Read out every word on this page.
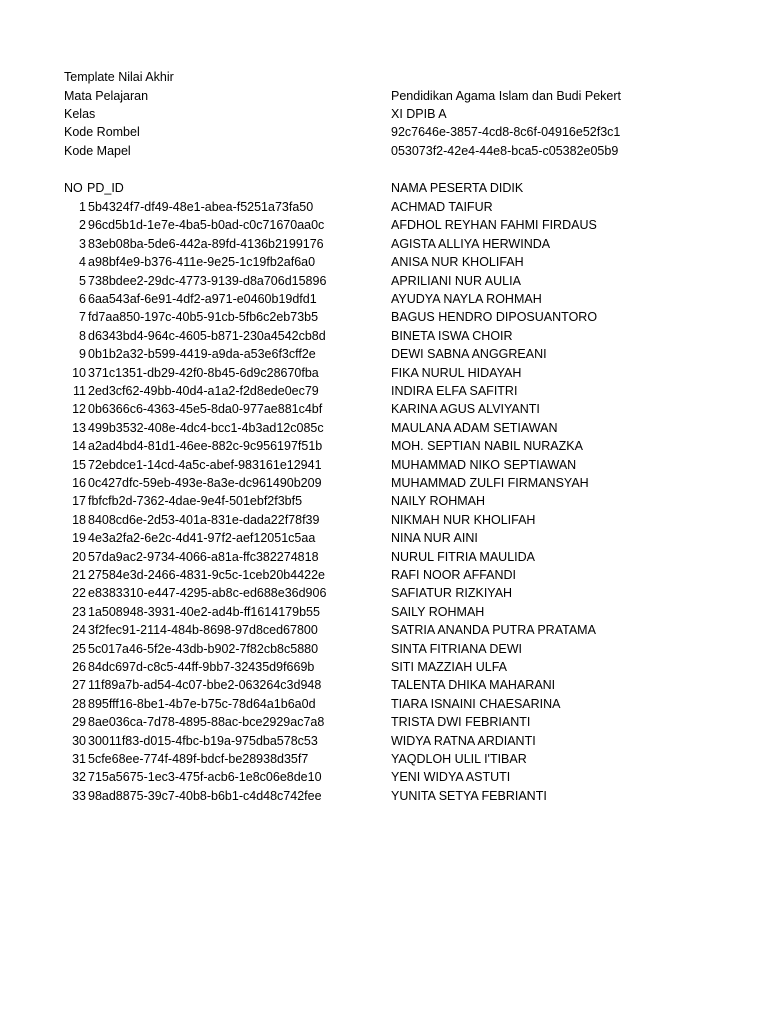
Template Nilai Akhir
Mata Pelajaran	Pendidikan Agama Islam dan Budi Pekert
Kelas	XI DPIB A
Kode Rombel	92c7646e-3857-4cd8-8c6f-04916e52f3c1
Kode Mapel	053073f2-42e4-44e8-bca5-c05382e05b9
NO PD_ID	NAMA PESERTA DIDIK
1 5b4324f7-df49-48e1-abea-f5251a73fa50	ACHMAD TAIFUR
2 96cd5b1d-1e7e-4ba5-b0ad-c0c71670aa0c	AFDHOL REYHAN FAHMI FIRDAUS
3 83eb08ba-5de6-442a-89fd-4136b2199176	AGISTA ALLIYA HERWINDA
4 a98bf4e9-b376-411e-9e25-1c19fb2af6a0	ANISA NUR KHOLIFAH
5 738bdee2-29dc-4773-9139-d8a706d15896	APRILIANI NUR AULIA
6 6aa543af-6e91-4df2-a971-e0460b19dfd1	AYUDYA NAYLA ROHMAH
7 fd7aa850-197c-40b5-91cb-5fb6c2eb73b5	BAGUS HENDRO DIPOSUANTORO
8 d6343bd4-964c-4605-b871-230a4542cb8d	BINETA ISWA CHOIR
9 0b1b2a32-b599-4419-a9da-a53e6f3cff2e	DEWI SABNA ANGGREANI
10 371c1351-db29-42f0-8b45-6d9c28670fba	FIKA NURUL HIDAYAH
11 2ed3cf62-49bb-40d4-a1a2-f2d8ede0ec79	INDIRA ELFA SAFITRI
12 0b6366c6-4363-45e5-8da0-977ae881c4bf	KARINA AGUS ALVIYANTI
13 499b3532-408e-4dc4-bcc1-4b3ad12c085c	MAULANA ADAM SETIAWAN
14 a2ad4bd4-81d1-46ee-882c-9c956197f51b	MOH. SEPTIAN NABIL NURAZKA
15 72ebdce1-14cd-4a5c-abef-983161e12941	MUHAMMAD NIKO SEPTIAWAN
16 0c427dfc-59eb-493e-8a3e-dc961490b209	MUHAMMAD ZULFI FIRMANSYAH
17 fbfcfb2d-7362-4dae-9e4f-501ebf2f3bf5	NAILY ROHMAH
18 8408cd6e-2d53-401a-831e-dada22f78f39	NIKMAH NUR KHOLIFAH
19 4e3a2fa2-6e2c-4d41-97f2-aef12051c5aa	NINA NUR AINI
20 57da9ac2-9734-4066-a81a-ffc382274818	NURUL FITRIA MAULIDA
21 27584e3d-2466-4831-9c5c-1ceb20b4422e	RAFI NOOR AFFANDI
22 e8383310-e447-4295-ab8c-ed688e36d906	SAFIATUR RIZKIYAH
23 1a508948-3931-40e2-ad4b-ff1614179b55	SAILY ROHMAH
24 3f2fec91-2114-484b-8698-97d8ced67800	SATRIA ANANDA PUTRA PRATAMA
25 5c017a46-5f2e-43db-b902-7f82cb8c5880	SINTA FITRIANA DEWI
26 84dc697d-c8c5-44ff-9bb7-32435d9f669b	SITI MAZZIAH ULFA
27 11f89a7b-ad54-4c07-bbe2-063264c3d948	TALENTA DHIKA MAHARANI
28 895fff16-8be1-4b7e-b75c-78d64a1b6a0d	TIARA ISNAINI CHAESARINA
29 8ae036ca-7d78-4895-88ac-bce2929ac7a8	TRISTA DWI FEBRIANTI
30 30011f83-d015-4fbc-b19a-975dba578c53	WIDYA RATNA ARDIANTI
31 5cfe68ee-774f-489f-bdcf-be28938d35f7	YAQDLOH ULIL I'TIBAR
32 715a5675-1ec3-475f-acb6-1e8c06e8de10	YENI WIDYA ASTUTI
33 98ad8875-39c7-40b8-b6b1-c4d48c742fee	YUNITA SETYA FEBRIANTI
